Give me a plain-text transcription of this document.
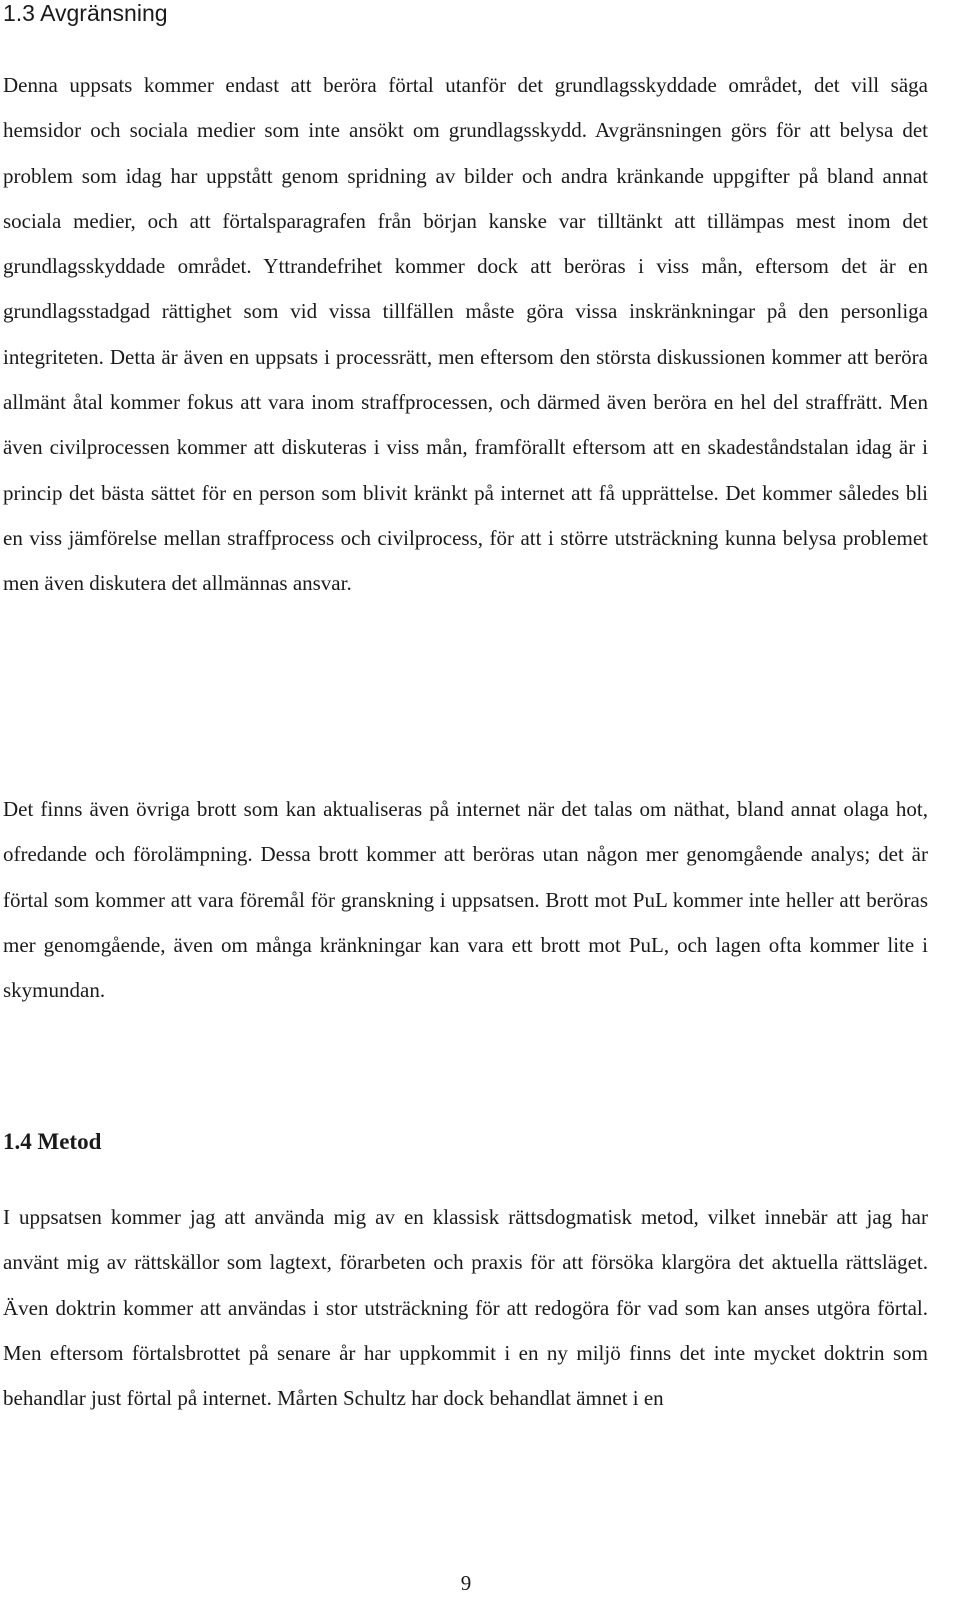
1.3 Avgränsning

Denna uppsats kommer endast att beröra förtal utanför det grundlagsskyddade området, det vill säga hemsidor och sociala medier som inte ansökt om grundlagsskydd. Avgränsningen görs för att belysa det problem som idag har uppstått genom spridning av bilder och andra kränkande uppgifter på bland annat sociala medier, och att förtalsparagrafen från början kanske var tilltänkt att tillämpas mest inom det grundlagsskyddade området. Yttrandefrihet kommer dock att beröras i viss mån, eftersom det är en grundlagsstadgad rättighet som vid vissa tillfällen måste göra vissa inskränkningar på den personliga integriteten. Detta är även en uppsats i processrätt, men eftersom den största diskussionen kommer att beröra allmänt åtal kommer fokus att vara inom straffprocessen, och därmed även beröra en hel del straffrätt. Men även civilprocessen kommer att diskuteras i viss mån, framförallt eftersom att en skadeståndstalan idag är i princip det bästa sättet för en person som blivit kränkt på internet att få upprättelse. Det kommer således bli en viss jämförelse mellan straffprocess och civilprocess, för att i större utsträckning kunna belysa problemet men även diskutera det allmännas ansvar.

Det finns även övriga brott som kan aktualiseras på internet när det talas om näthat, bland annat olaga hot, ofredande och förolämpning. Dessa brott kommer att beröras utan någon mer genomgående analys; det är förtal som kommer att vara föremål för granskning i uppsatsen. Brott mot PuL kommer inte heller att beröras mer genomgående, även om många kränkningar kan vara ett brott mot PuL, och lagen ofta kommer lite i skymundan.

1.4 Metod

I uppsatsen kommer jag att använda mig av en klassisk rättsdogmatisk metod, vilket innebär att jag har använt mig av rättskällor som lagtext, förarbeten och praxis för att försöka klargöra det aktuella rättsläget. Även doktrin kommer att användas i stor utsträckning för att redogöra för vad som kan anses utgöra förtal. Men eftersom förtalsbrottet på senare år har uppkommit i en ny miljö finns det inte mycket doktrin som behandlar just förtal på internet. Mårten Schultz har dock behandlat ämnet i en

9
